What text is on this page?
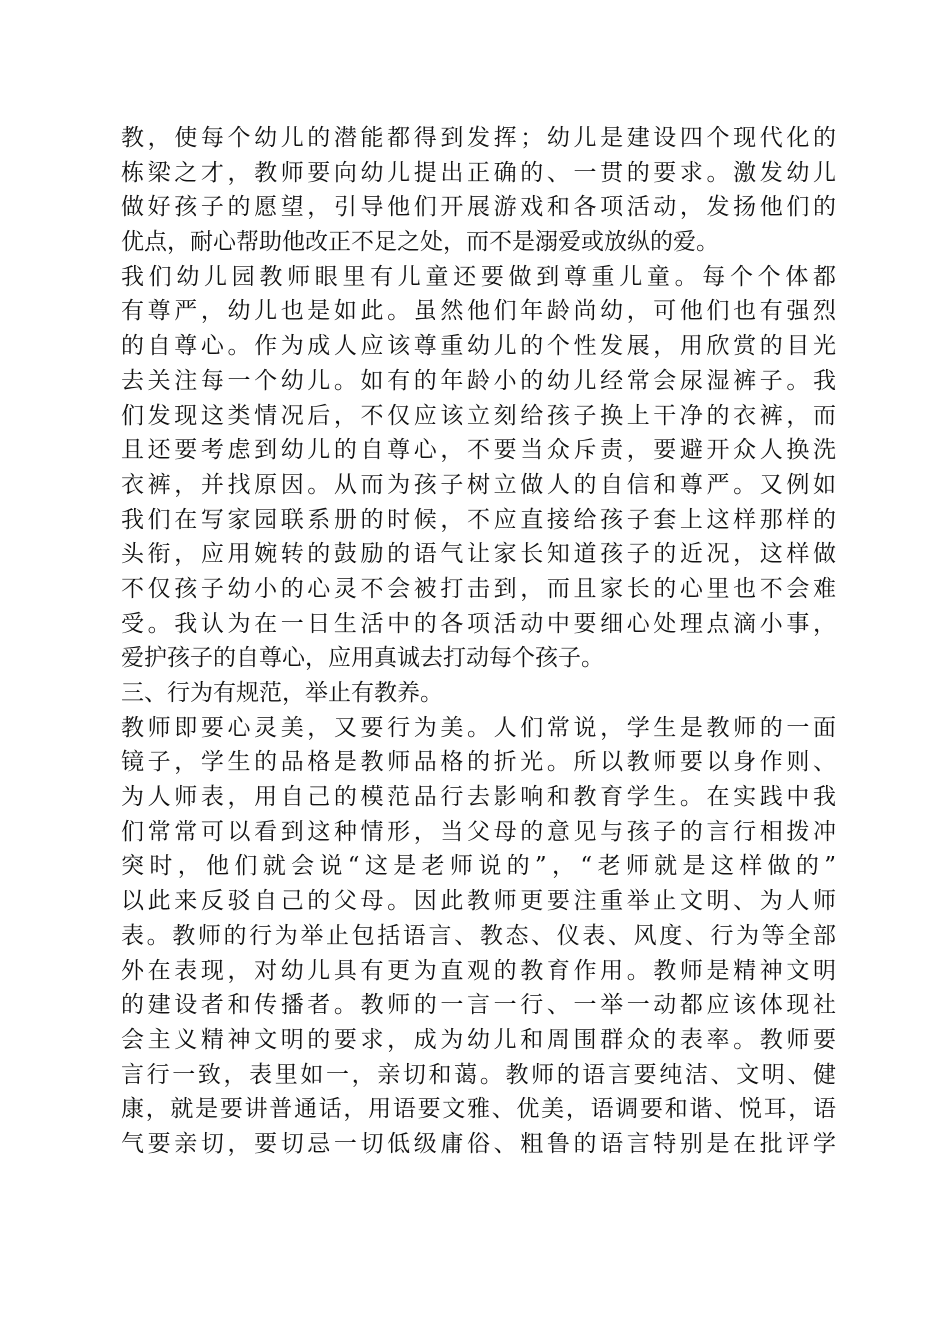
教，使每个幼儿的潜能都得到发挥；幼儿是建设四个现代化的
栋梁之才，教师要向幼儿提出正确的、一贯的要求。激发幼儿
做好孩子的愿望，引导他们开展游戏和各项活动，发扬他们的
优点，耐心帮助他改正不足之处，而不是溺爱或放纵的爱。
我们幼儿园教师眼里有儿童还要做到尊重儿童。每个个体都
有尊严，幼儿也是如此。虽然他们年龄尚幼，可他们也有强烈
的自尊心。作为成人应该尊重幼儿的个性发展，用欣赏的目光
去关注每一个幼儿。如有的年龄小的幼儿经常会尿湿裤子。我
们发现这类情况后，不仅应该立刻给孩子换上干净的衣裤，而
且还要考虑到幼儿的自尊心，不要当众斥责，要避开众人换洗
衣裤，并找原因。从而为孩子树立做人的自信和尊严。又例如
我们在写家园联系册的时候，不应直接给孩子套上这样那样的
头衔，应用婉转的鼓励的语气让家长知道孩子的近况，这样做
不仅孩子幼小的心灵不会被打击到，而且家长的心里也不会难
受。我认为在一日生活中的各项活动中要细心处理点滴小事，
爱护孩子的自尊心，应用真诚去打动每个孩子。
三、行为有规范，举止有教养。
教师即要心灵美，又要行为美。人们常说，学生是教师的一面
镜子，学生的品格是教师品格的折光。所以教师要以身作则、
为人师表，用自己的模范品行去影响和教育学生。在实践中我
们常常可以看到这种情形，当父母的意见与孩子的言行相拨冲
突时，他们就会说“这是老师说的”，“老师就是这样做的”
以此来反驳自己的父母。因此教师更要注重举止文明、为人师
表。教师的行为举止包括语言、教态、仪表、风度、行为等全部
外在表现，对幼儿具有更为直观的教育作用。教师是精神文明
的建设者和传播者。教师的一言一行、一举一动都应该体现社
会主义精神文明的要求，成为幼儿和周围群众的表率。教师要
言行一致，表里如一，亲切和蔼。教师的语言要纯洁、文明、健
康，就是要讲普通话，用语要文雅、优美，语调要和谐、悦耳，语
气要亲切，要切忌一切低级庸俗、粗鲁的语言特别是在批评学
